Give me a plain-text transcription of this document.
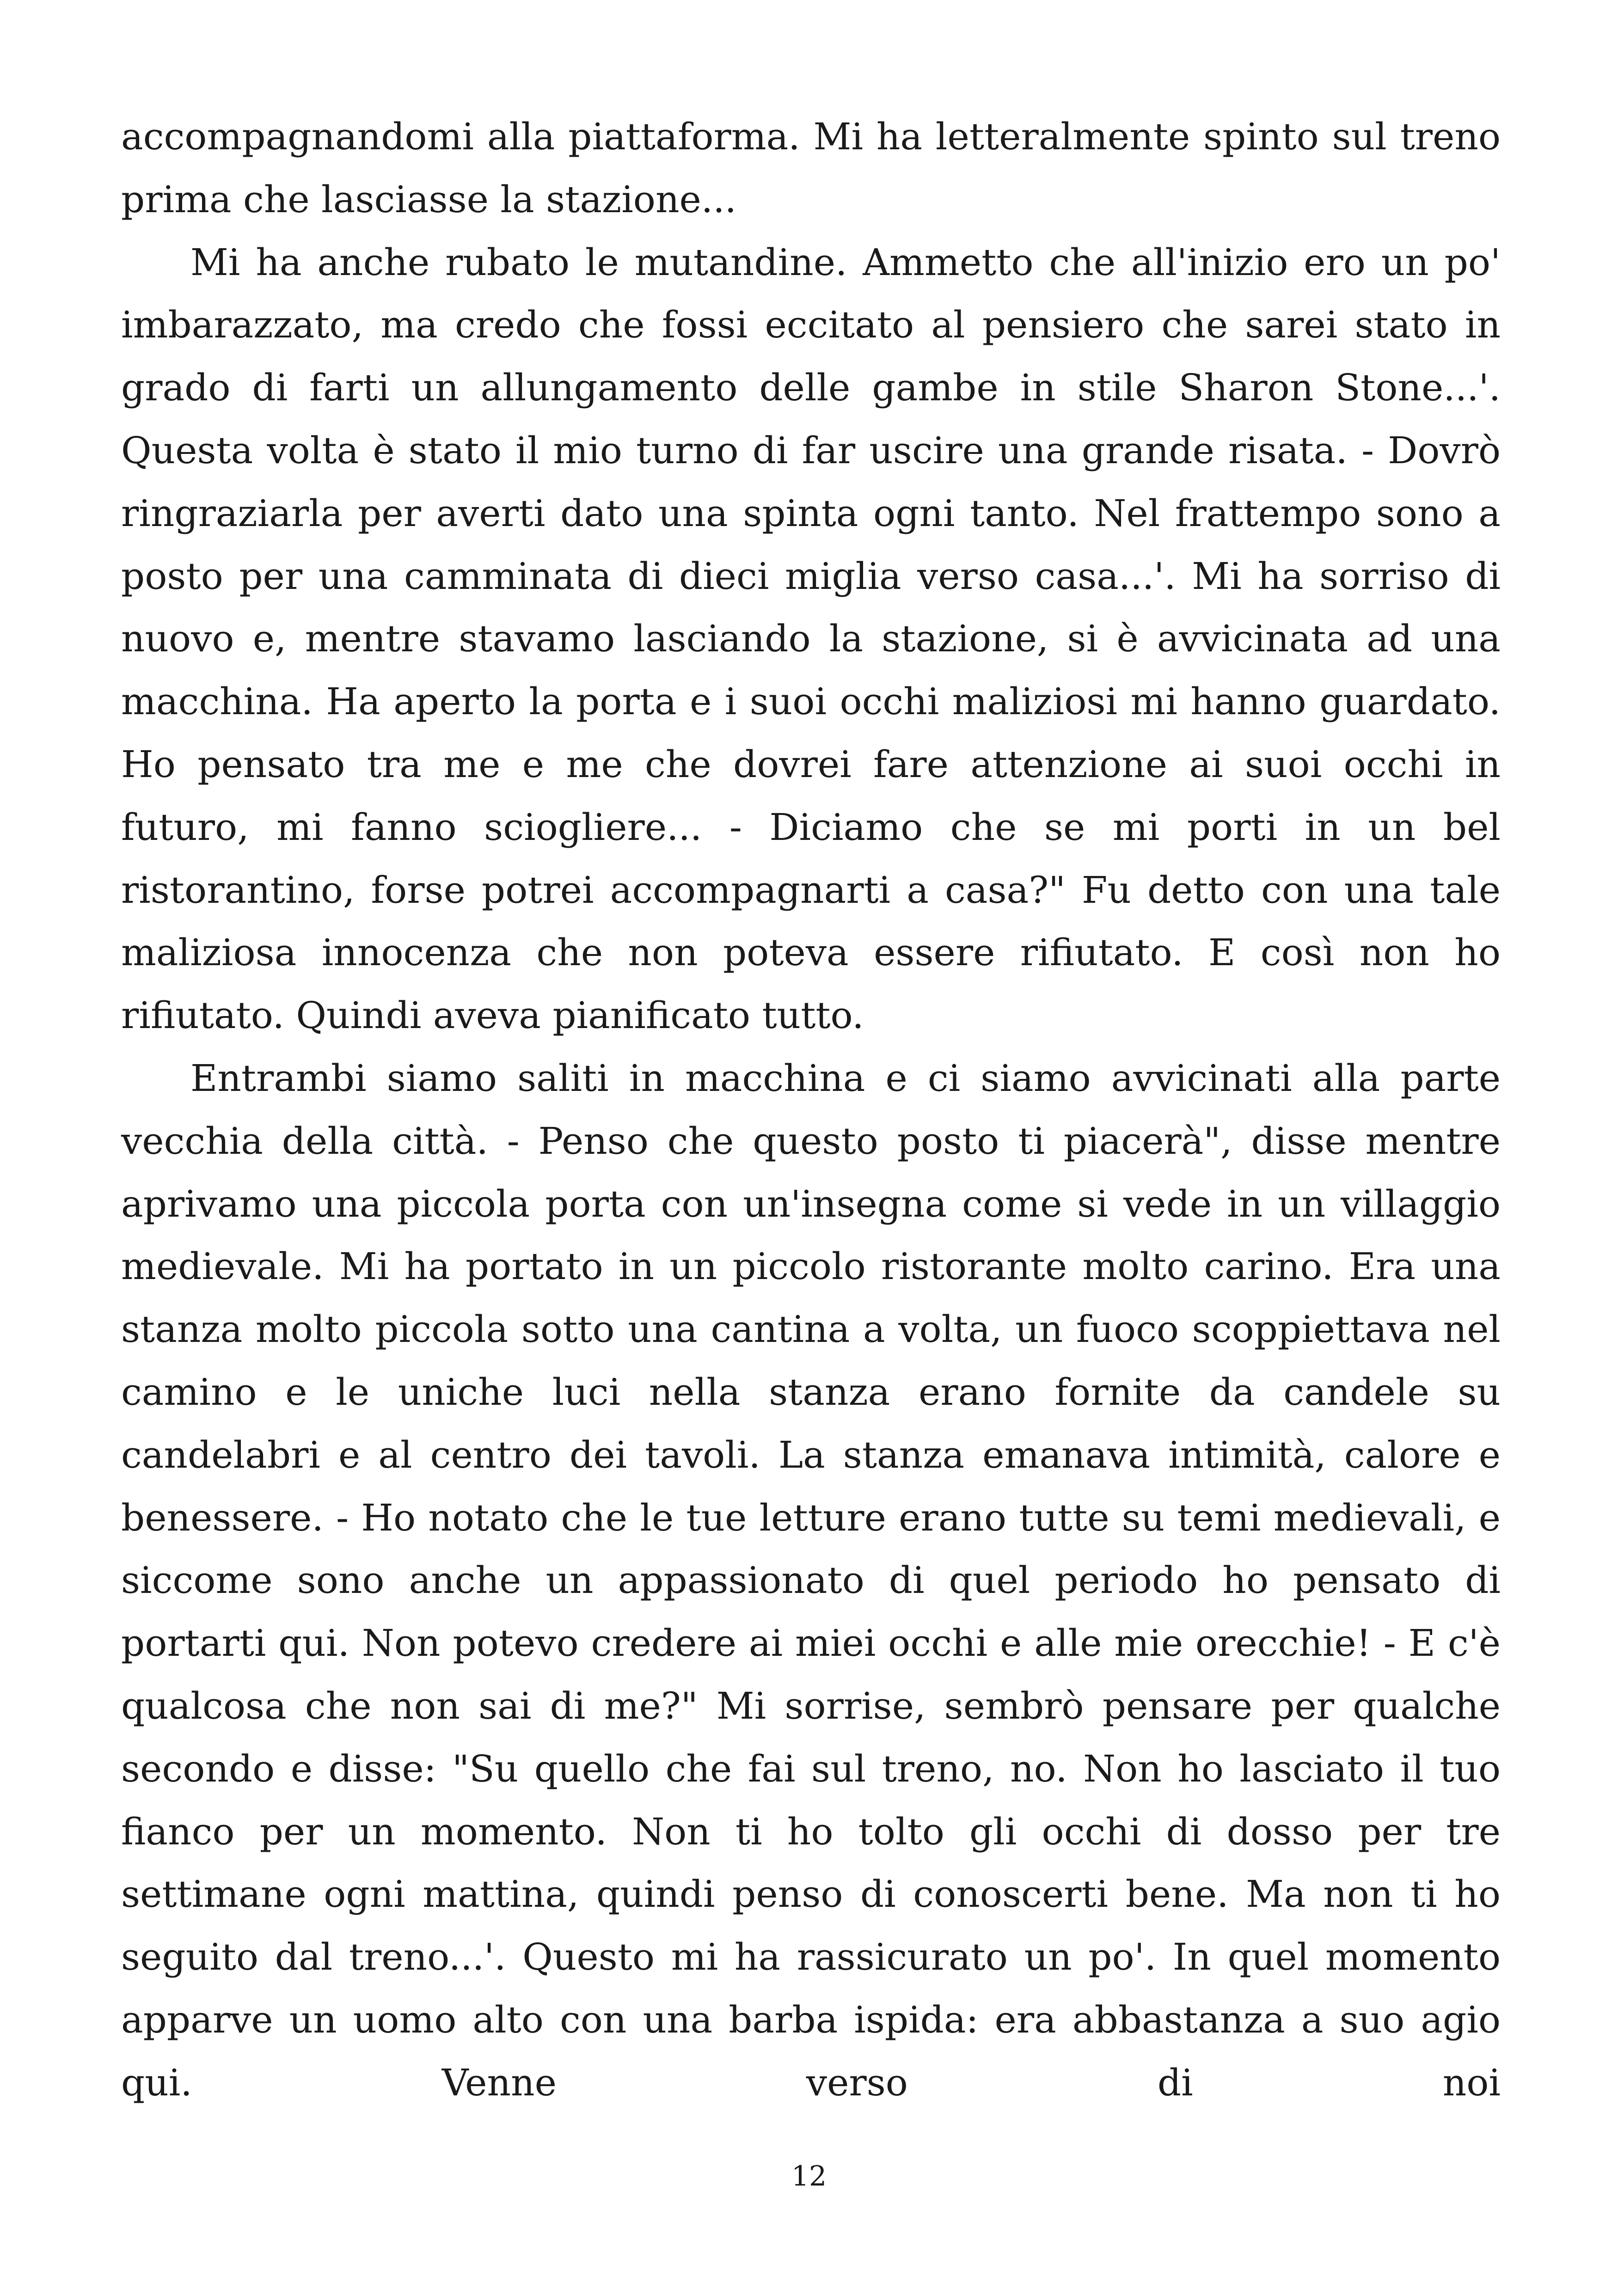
accompagnandomi alla piattaforma. Mi ha letteralmente spinto sul treno prima che lasciasse la stazione...

Mi ha anche rubato le mutandine. Ammetto che all'inizio ero un po' imbarazzato, ma credo che fossi eccitato al pensiero che sarei stato in grado di farti un allungamento delle gambe in stile Sharon Stone...'. Questa volta è stato il mio turno di far uscire una grande risata. - Dovrò ringraziarla per averti dato una spinta ogni tanto. Nel frattempo sono a posto per una camminata di dieci miglia verso casa...'. Mi ha sorriso di nuovo e, mentre stavamo lasciando la stazione, si è avvicinata ad una macchina. Ha aperto la porta e i suoi occhi maliziosi mi hanno guardato. Ho pensato tra me e me che dovrei fare attenzione ai suoi occhi in futuro, mi fanno sciogliere... - Diciamo che se mi porti in un bel ristorantino, forse potrei accompagnarti a casa?" Fu detto con una tale maliziosa innocenza che non poteva essere rifiutato. E così non ho rifiutato. Quindi aveva pianificato tutto.

Entrambi siamo saliti in macchina e ci siamo avvicinati alla parte vecchia della città. - Penso che questo posto ti piacerà", disse mentre aprivamo una piccola porta con un'insegna come si vede in un villaggio medievale. Mi ha portato in un piccolo ristorante molto carino. Era una stanza molto piccola sotto una cantina a volta, un fuoco scoppiettava nel camino e le uniche luci nella stanza erano fornite da candele su candelabri e al centro dei tavoli. La stanza emanava intimità, calore e benessere. - Ho notato che le tue letture erano tutte su temi medievali, e siccome sono anche un appassionato di quel periodo ho pensato di portarti qui. Non potevo credere ai miei occhi e alle mie orecchie! - E c'è qualcosa che non sai di me?" Mi sorrise, sembrò pensare per qualche secondo e disse: "Su quello che fai sul treno, no. Non ho lasciato il tuo fianco per un momento. Non ti ho tolto gli occhi di dosso per tre settimane ogni mattina, quindi penso di conoscerti bene. Ma non ti ho seguito dal treno...'. Questo mi ha rassicurato un po'. In quel momento apparve un uomo alto con una barba ispida: era abbastanza a suo agio qui. Venne verso di noi

12
